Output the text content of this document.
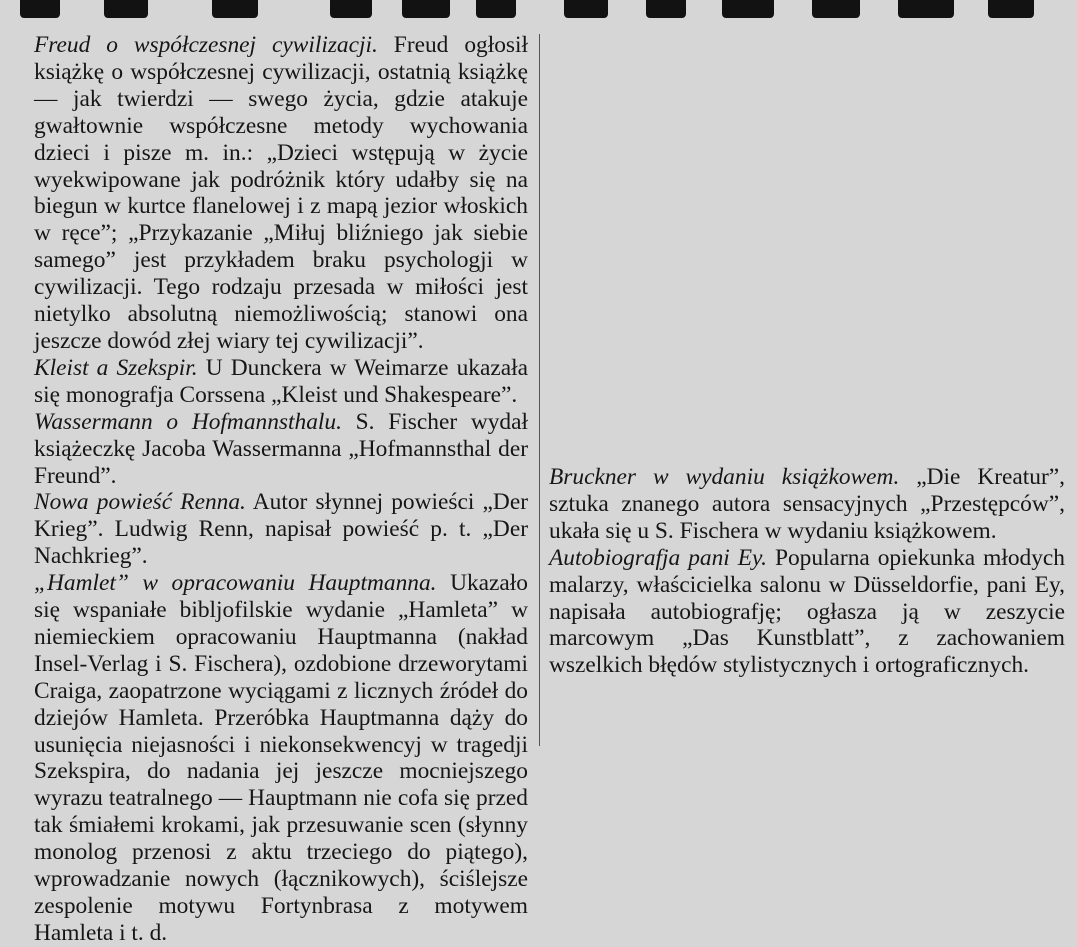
Freud o współczesnej cywilizacji. Freud ogłosił książkę o współczesnej cywilizacji, ostatnią książkę — jak twierdzi — swego życia, gdzie atakuje gwałtownie współczesne metody wychowania dzieci i pisze m. in.: „Dzieci wstępują w życie wyekwipowane jak podróżnik który udałby się na biegun w kurtce flanelowej i z mapą jezior włoskich w ręce”; „Przykazanie „Miłuj bliźniego jak siebie samego” jest przykładem braku psychologji w cywilizacji. Tego rodzaju przesada w miłości jest nietylko absolutną niemożliwością; stanowi ona jeszcze dowód złej wiary tej cywilizacji”.

Kleist a Szekspir. U Dunckera w Weimarze ukazała się monografja Corssena „Kleist und Shakespeare”.

Wassermann o Hofmannsthalu. S. Fischer wydał książeczkę Jacoba Wassermanna „Hofmannsthal der Freund”.

Nowa powieść Renna. Autor słynnej powieści „Der Krieg”. Ludwig Renn, napisał powieść p. t. „Der Nachkrieg”.

„Hamlet” w opracowaniu Hauptmanna. Ukazało się wspaniałe bibljofilskie wydanie „Hamleta” w niemieckiem opracowaniu Hauptmanna (nakład Insel-Verlag i S. Fischera), ozdobione drzeworytami Craiga, zaopatrzone wyciągami z licznych źródeł do dziejów Hamleta. Przeróbka Hauptmanna dąży do usunięcia niejasności i niekonsekwencyj w tragedji Szekspira, do nadania jej jeszcze mocniejszego wyrazu teatralnego — Hauptmann nie cofa się przed tak śmiałemi krokami, jak przesuwanie scen (słynny monolog przenosi z aktu trzeciego do piątego), wprowadzanie nowych (łącznikowych), ściślejsze zespolenie motywu Fortynbrasa z motywem Hamleta i t. d.

Bruckner w wydaniu książkowem. „Die Kreatur”, sztuka znanego autora sensacyjnych „Przestępców”, ukała się u S. Fischera w wydaniu książkowem.

Autobiografja pani Ey. Popularna opiekunka młodych malarzy, właścicielka salonu w Düsseldorfie, pani Ey, napisała autobiografję; ogłasza ją w zeszycie marcowym „Das Kunstblatt”, z zachowaniem wszelkich błędów stylistycznych i ortograficznych.
